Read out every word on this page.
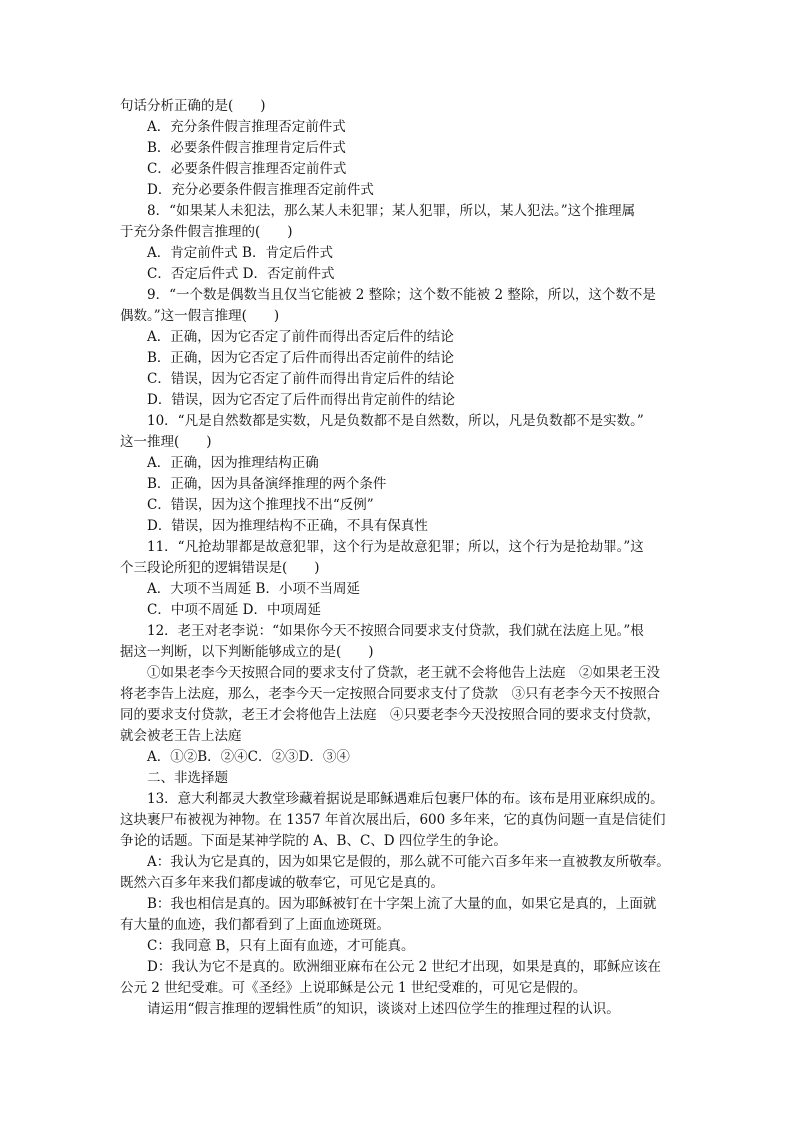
句话分析正确的是(　　)
A．充分条件假言推理否定前件式
B．必要条件假言推理肯定后件式
C．必要条件假言推理否定前件式
D．充分必要条件假言推理否定前件式
8．“如果某人未犯法，那么某人未犯罪；某人犯罪，所以，某人犯法。”这个推理属
于充分条件假言推理的(　　)
A．肯定前件式 B．肯定后件式
C．否定后件式 D．否定前件式
9．“一个数是偶数当且仅当它能被 2 整除；这个数不能被 2 整除，所以，这个数不是
偶数。”这一假言推理(　　)
A．正确，因为它否定了前件而得出否定后件的结论
B．正确，因为它否定了后件而得出否定前件的结论
C．错误，因为它否定了前件而得出肯定后件的结论
D．错误，因为它否定了后件而得出肯定前件的结论
10．“凡是自然数都是实数，凡是负数都不是自然数，所以，凡是负数都不是实数。”
这一推理(　　)
A．正确，因为推理结构正确
B．正确，因为具备演绎推理的两个条件
C．错误，因为这个推理找不出“反例”
D．错误，因为推理结构不正确，不具有保真性
11．“凡抢劫罪都是故意犯罪，这个行为是故意犯罪；所以，这个行为是抢劫罪。”这
个三段论所犯的逻辑错误是(　　)
A．大项不当周延 B．小项不当周延
C．中项不周延 D．中项周延
12．老王对老李说：“如果你今天不按照合同要求支付贷款，我们就在法庭上见。”根
据这一判断，以下判断能够成立的是(　　)
①如果老李今天按照合同的要求支付了贷款，老王就不会将他告上法庭　②如果老王没
将老李告上法庭，那么，老李今天一定按照合同要求支付了贷款　③只有老李今天不按照合
同的要求支付贷款，老王才会将他告上法庭　④只要老李今天没按照合同的要求支付贷款，
就会被老王告上法庭
A．①②B．②④C．②③D．③④
二、非选择题
13．意大利都灵大教堂珍藏着据说是耶稣遇难后包裹尸体的布。该布是用亚麻织成的。
这块裹尸布被视为神物。在 1357 年首次展出后，600 多年来，它的真伪问题一直是信徒们
争论的话题。下面是某神学院的 A、B、C、D 四位学生的争论。
A：我认为它是真的，因为如果它是假的，那么就不可能六百多年来一直被教友所敬奉。
既然六百多年来我们都虔诚的敬奉它，可见它是真的。
B：我也相信是真的。因为耶稣被钉在十字架上流了大量的血，如果它是真的，上面就
有大量的血迹，我们都看到了上面血迹斑斑。
C：我同意 B，只有上面有血迹，才可能真。
D：我认为它不是真的。欧洲细亚麻布在公元 2 世纪才出现，如果是真的，耶稣应该在
公元 2 世纪受难。可《圣经》上说耶稣是公元 1 世纪受难的，可见它是假的。
请运用“假言推理的逻辑性质”的知识，谈谈对上述四位学生的推理过程的认识。
